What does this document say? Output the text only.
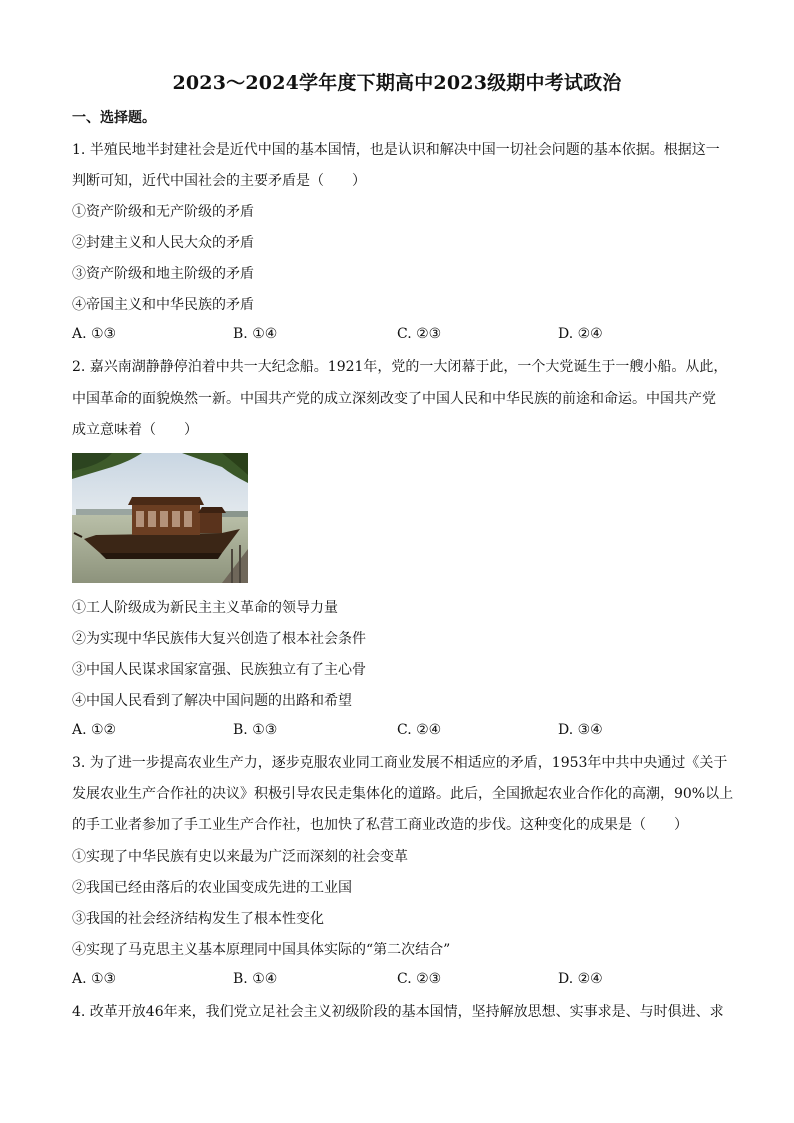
2023～2024学年度下期高中2023级期中考试政治
一、选择题。
1. 半殖民地半封建社会是近代中国的基本国情，也是认识和解决中国一切社会问题的基本依据。根据这一
判断可知，近代中国社会的主要矛盾是（　　）
①资产阶级和无产阶级的矛盾
②封建主义和人民大众的矛盾
③资产阶级和地主阶级的矛盾
④帝国主义和中华民族的矛盾
A. ①③	B. ①④	C. ②③	D. ②④
2. 嘉兴南湖静静停泊着中共一大纪念船。1921年，党的一大闭幕于此，一个大党诞生于一艘小船。从此，
中国革命的面貌焕然一新。中国共产党的成立深刻改变了中国人民和中华民族的前途和命运。中国共产党
成立意味着（　　）
①工人阶级成为新民主主义革命的领导力量
②为实现中华民族伟大复兴创造了根本社会条件
③中国人民谋求国家富强、民族独立有了主心骨
④中国人民看到了解决中国问题的出路和希望
A. ①②	B. ①③	C. ②④	D. ③④
3. 为了进一步提高农业生产力，逐步克服农业同工商业发展不相适应的矛盾，1953年中共中央通过《关于
发展农业生产合作社的决议》积极引导农民走集体化的道路。此后，全国掀起农业合作化的高潮，90%以上
的手工业者参加了手工业生产合作社，也加快了私营工商业改造的步伐。这种变化的成果是（　　）
①实现了中华民族有史以来最为广泛而深刻的社会变革
②我国已经由落后的农业国变成先进的工业国
③我国的社会经济结构发生了根本性变化
④实现了马克思主义基本原理同中国具体实际的“第二次结合”
A. ①③	B. ①④	C. ②③	D. ②④
4. 改革开放46年来，我们党立足社会主义初级阶段的基本国情，坚持解放思想、实事求是、与时俱进、求
